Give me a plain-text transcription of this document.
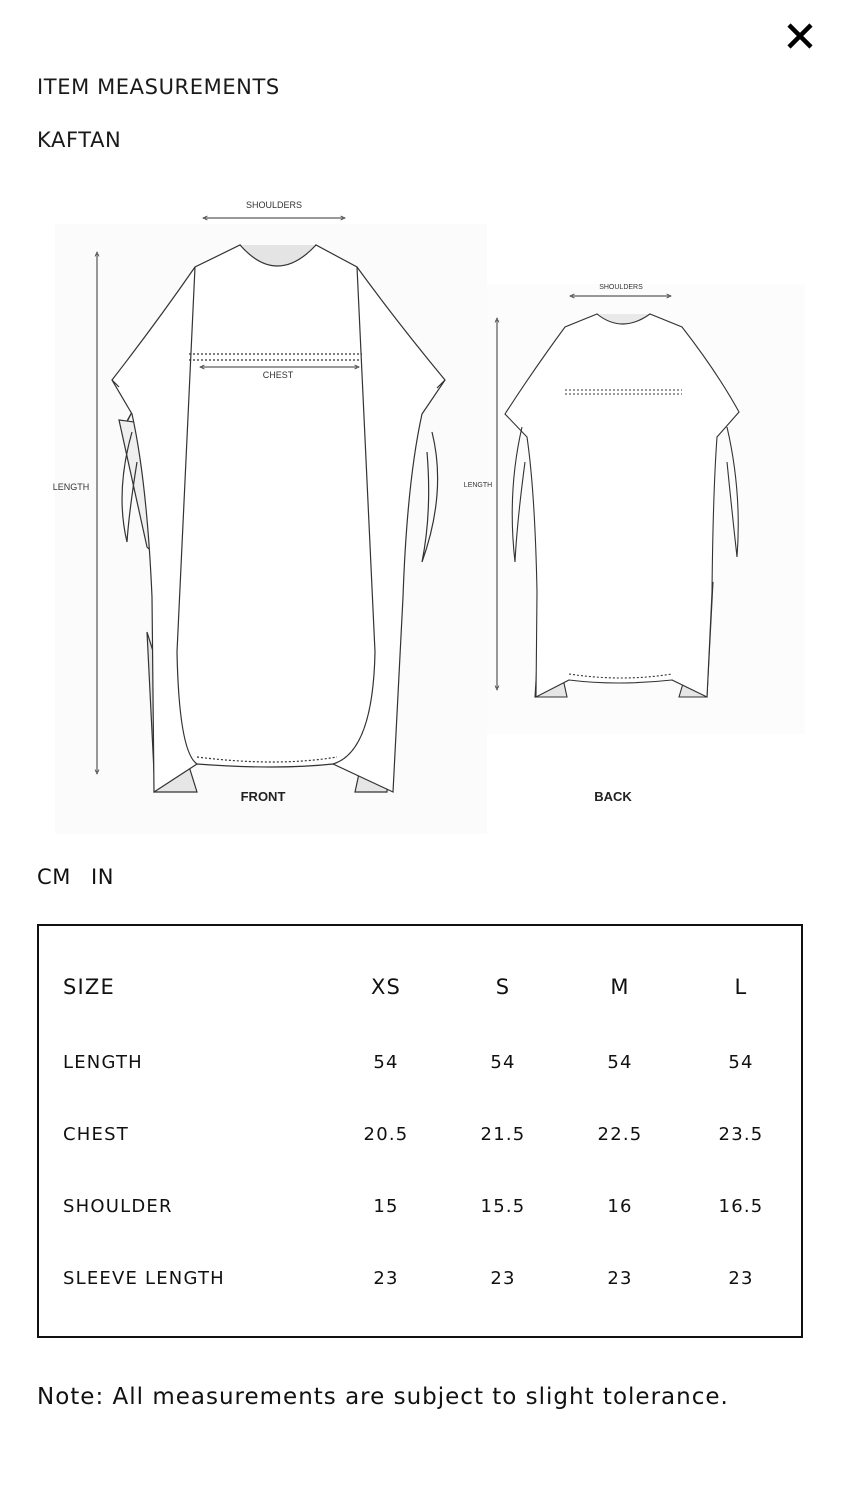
ITEM MEASUREMENTS
KAFTAN
SHOULDERS
CHEST
LENGTH
FRONT
SHOULDERS
LENGTH
BACK
CM IN
SIZE	XS	S	M	L
LENGTH	54	54	54	54
CHEST	20.5	21.5	22.5	23.5
SHOULDER	15	15.5	16	16.5
SLEEVE LENGTH	23	23	23	23
Note: All measurements are subject to slight tolerance.
